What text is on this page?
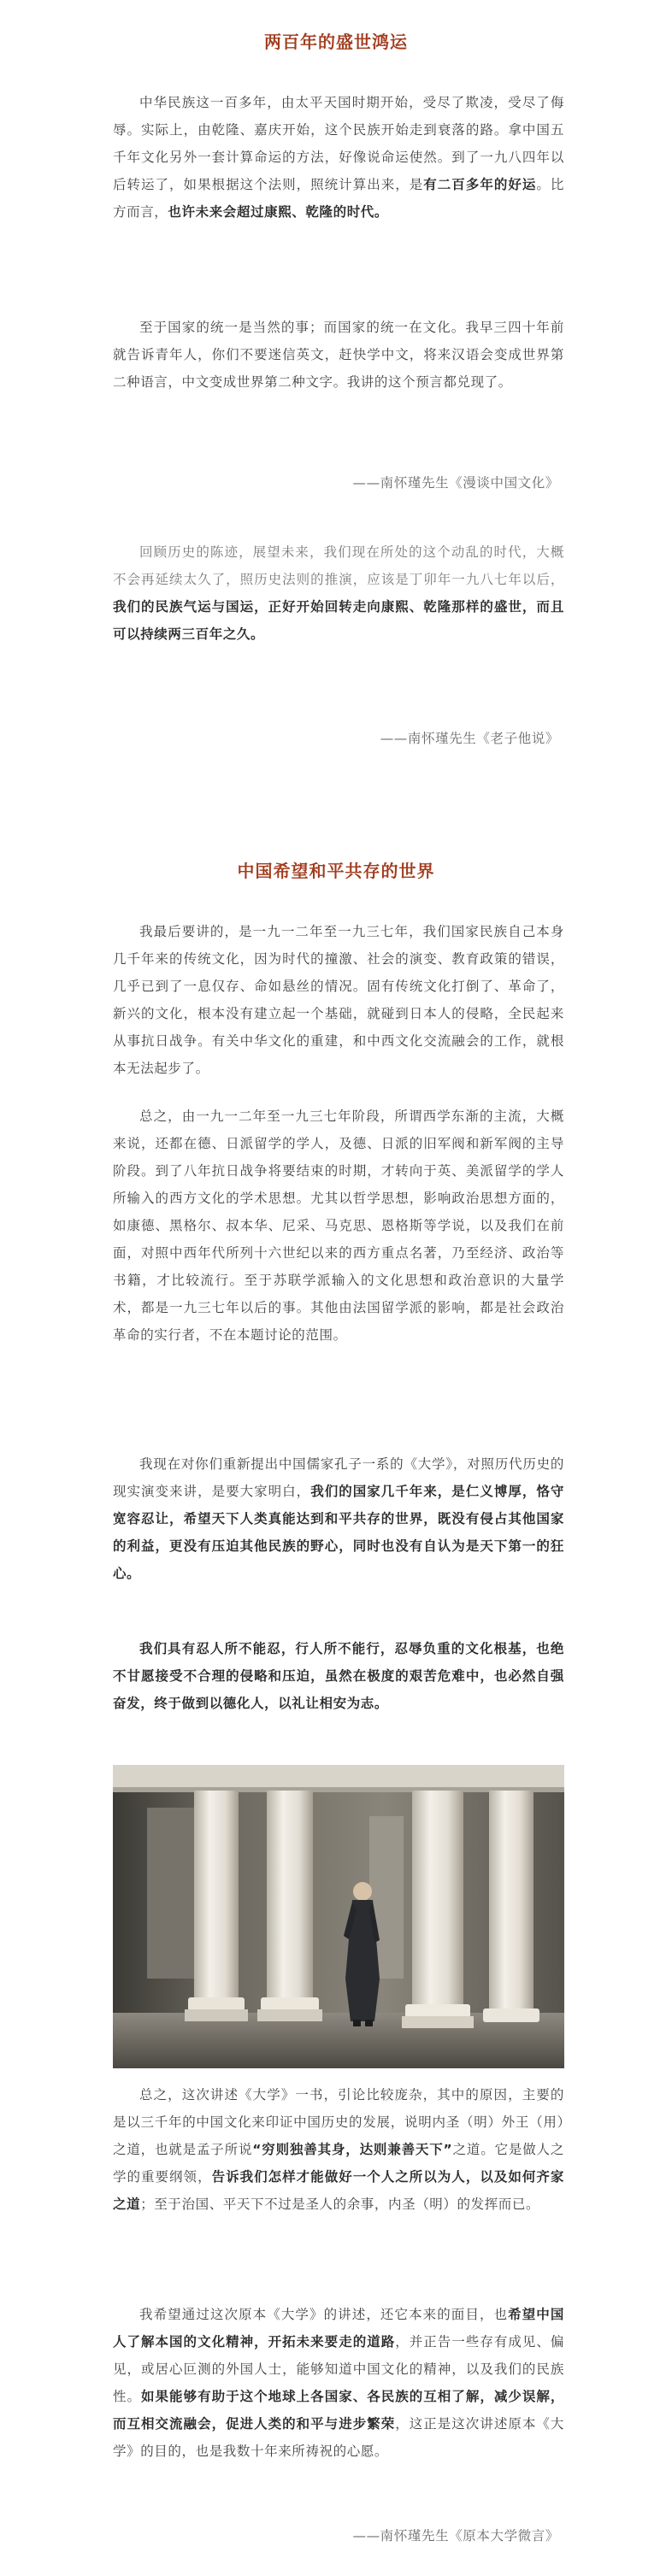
两百年的盛世鸿运

中华民族这一百多年，由太平天国时期开始，受尽了欺凌，受尽了侮辱。实际上，由乾隆、嘉庆开始，这个民族开始走到衰落的路。拿中国五千年文化另外一套计算命运的方法，好像说命运使然。到了一九八四年以后转运了，如果根据这个法则，照统计算出来，是有二百多年的好运。比方而言，也许未来会超过康熙、乾隆的时代。

至于国家的统一是当然的事；而国家的统一在文化。我早三四十年前就告诉青年人，你们不要迷信英文，赶快学中文，将来汉语会变成世界第二种语言，中文变成世界第二种文字。我讲的这个预言都兑现了。

——南怀瑾先生《漫谈中国文化》

回顾历史的陈迹，展望未来，我们现在所处的这个动乱的时代，大概不会再延续太久了，照历史法则的推演，应该是丁卯年一九八七年以后，我们的民族气运与国运，正好开始回转走向康熙、乾隆那样的盛世，而且可以持续两三百年之久。

——南怀瑾先生《老子他说》
中国希望和平共存的世界

我最后要讲的，是一九一二年至一九三七年，我们国家民族自己本身几千年来的传统文化，因为时代的撞激、社会的演变、教育政策的错误，几乎已到了一息仅存、命如悬丝的情况。固有传统文化打倒了、革命了，新兴的文化，根本没有建立起一个基础，就碰到日本人的侵略，全民起来从事抗日战争。有关中华文化的重建，和中西文化交流融会的工作，就根本无法起步了。

总之，由一九一二年至一九三七年阶段，所谓西学东渐的主流，大概来说，还都在德、日派留学的学人，及德、日派的旧军阀和新军阀的主导阶段。到了八年抗日战争将要结束的时期，才转向于英、美派留学的学人所输入的西方文化的学术思想。尤其以哲学思想，影响政治思想方面的，如康德、黑格尔、叔本华、尼采、马克思、恩格斯等学说，以及我们在前面，对照中西年代所列十六世纪以来的西方重点名著，乃至经济、政治等书籍，才比较流行。至于苏联学派输入的文化思想和政治意识的大量学术，都是一九三七年以后的事。其他由法国留学派的影响，都是社会政治革命的实行者，不在本题讨论的范围。

我现在对你们重新提出中国儒家孔子一系的《大学》，对照历代历史的现实演变来讲，是要大家明白，我们的国家几千年来，是仁义博厚，恪守宽容忍让，希望天下人类真能达到和平共存的世界，既没有侵占其他国家的利益，更没有压迫其他民族的野心，同时也没有自认为是天下第一的狂心。

我们具有忍人所不能忍，行人所不能行，忍辱负重的文化根基，也绝不甘愿接受不合理的侵略和压迫，虽然在极度的艰苦危难中，也必然自强奋发，终于做到以德化人，以礼让相安为志。

总之，这次讲述《大学》一书，引论比较庞杂，其中的原因，主要的是以三千年的中国文化来印证中国历史的发展，说明内圣（明）外王（用）之道，也就是孟子所说“穷则独善其身，达则兼善天下”之道。它是做人之学的重要纲领，告诉我们怎样才能做好一个人之所以为人，以及如何齐家之道；至于治国、平天下不过是圣人的余事，内圣（明）的发挥而已。

我希望通过这次原本《大学》的讲述，还它本来的面目，也希望中国人了解本国的文化精神，开拓未来要走的道路，并正告一些存有成见、偏见，或居心叵测的外国人士，能够知道中国文化的精神，以及我们的民族性。如果能够有助于这个地球上各国家、各民族的互相了解，减少误解，而互相交流融会，促进人类的和平与进步繁荣，这正是这次讲述原本《大学》的目的，也是我数十年来所祷祝的心愿。

——南怀瑾先生《原本大学微言》
